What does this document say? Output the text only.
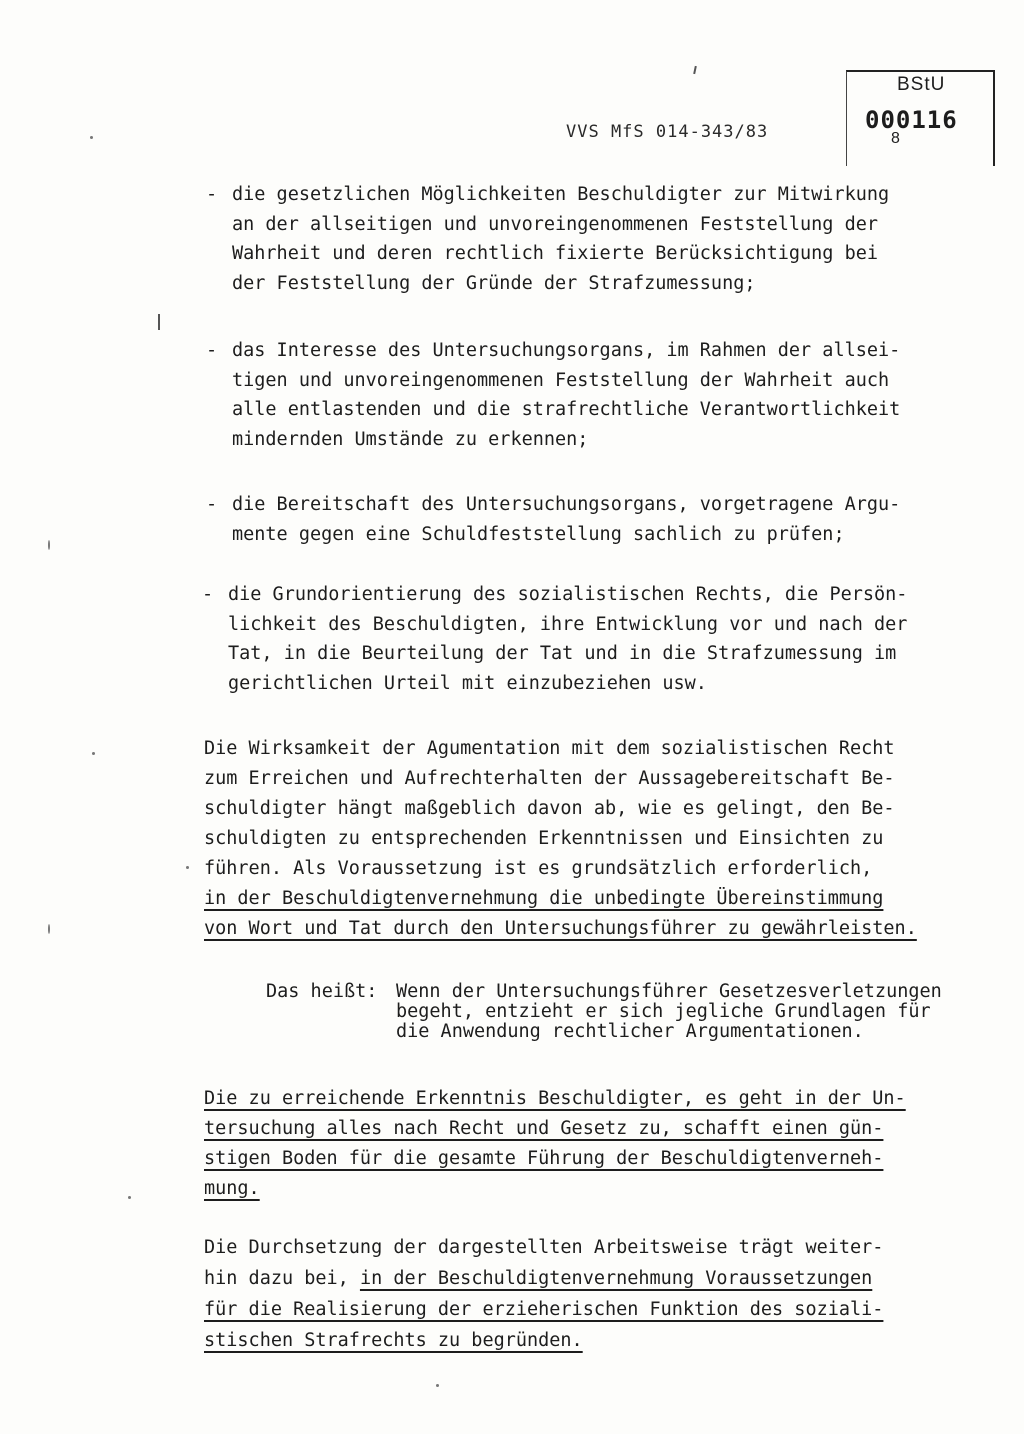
VVS MfS 014-343/83
BStU
000116
8
- die gesetzlichen Möglichkeiten Beschuldigter zur Mitwirkung
an der allseitigen und unvoreingenommenen Feststellung der
Wahrheit und deren rechtlich fixierte Berücksichtigung bei
der Feststellung der Gründe der Strafzumessung;
- das Interesse des Untersuchungsorgans, im Rahmen der allsei-
tigen und unvoreingenommenen Feststellung der Wahrheit auch
alle entlastenden und die strafrechtliche Verantwortlichkeit
mindernden Umstände zu erkennen;
- die Bereitschaft des Untersuchungsorgans, vorgetragene Argu-
mente gegen eine Schuldfeststellung sachlich zu prüfen;
- die Grundorientierung des sozialistischen Rechts, die Persön-
lichkeit des Beschuldigten, ihre Entwicklung vor und nach der
Tat, in die Beurteilung der Tat und in die Strafzumessung im
gerichtlichen Urteil mit einzubeziehen usw.
Die Wirksamkeit der Agumentation mit dem sozialistischen Recht
zum Erreichen und Aufrechterhalten der Aussagebereitschaft Be-
schuldigter hängt maßgeblich davon ab, wie es gelingt, den Be-
schuldigten zu entsprechenden Erkenntnissen und Einsichten zu
führen. Als Voraussetzung ist es grundsätzlich erforderlich,
in der Beschuldigtenvernehmung die unbedingte Übereinstimmung
von Wort und Tat durch den Untersuchungsführer zu gewährleisten.
Das heißt: Wenn der Untersuchungsführer Gesetzesverletzungen
begeht, entzieht er sich jegliche Grundlagen für
die Anwendung rechtlicher Argumentationen.
Die zu erreichende Erkenntnis Beschuldigter, es geht in der Un-
tersuchung alles nach Recht und Gesetz zu, schafft einen gün-
stigen Boden für die gesamte Führung der Beschuldigtenverneh-
mung.
Die Durchsetzung der dargestellten Arbeitsweise trägt weiter-
hin dazu bei, in der Beschuldigtenvernehmung Voraussetzungen
für die Realisierung der erzieherischen Funktion des soziali-
stischen Strafrechts zu begründen.
